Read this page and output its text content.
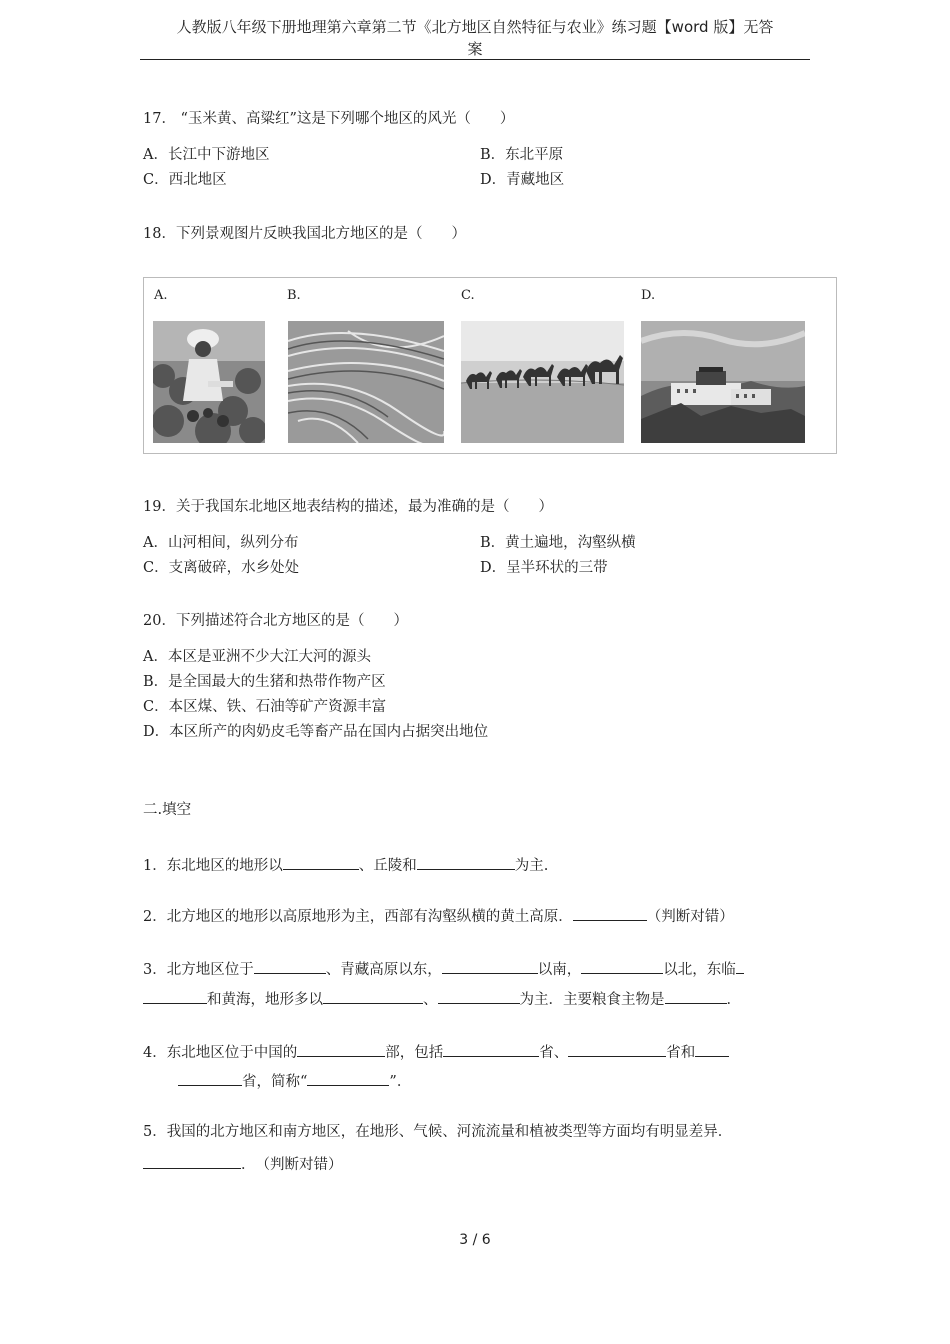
人教版八年级下册地理第六章第二节《北方地区自然特征与农业》练习题【word 版】无答
案
17． “玉米黄、高粱红”这是下列哪个地区的风光（　　）
A．长江中下游地区	B．东北平原
C．西北地区	D．青藏地区
18．下列景观图片反映我国北方地区的是（　　）
A.	B.	C.	D.
19．关于我国东北地区地表结构的描述，最为准确的是（　　）
A．山河相间，纵列分布	B．黄土遍地，沟壑纵横
C．支离破碎，水乡处处	D．呈半环状的三带
20．下列描述符合北方地区的是（　　）
A．本区是亚洲不少大江大河的源头
B．是全国最大的生猪和热带作物产区
C．本区煤、铁、石油等矿产资源丰富
D．本区所产的肉奶皮毛等畜产品在国内占据突出地位
二.填空
1．东北地区的地形以	、丘陵和	为主.
2．北方地区的地形以高原地形为主，西部有沟壑纵横的黄土高原．	（判断对错）
3．北方地区位于	、青藏高原以东，	以南，	以北，东临
和黄海，地形多以	、	为主．主要粮食主物是	．
4．东北地区位于中国的	部，包括	省、	省和
省，简称“	”．
5．我国的北方地区和南方地区，在地形、气候、河流流量和植被类型等方面均有明显差异．
．　（判断对错）
3 / 6
